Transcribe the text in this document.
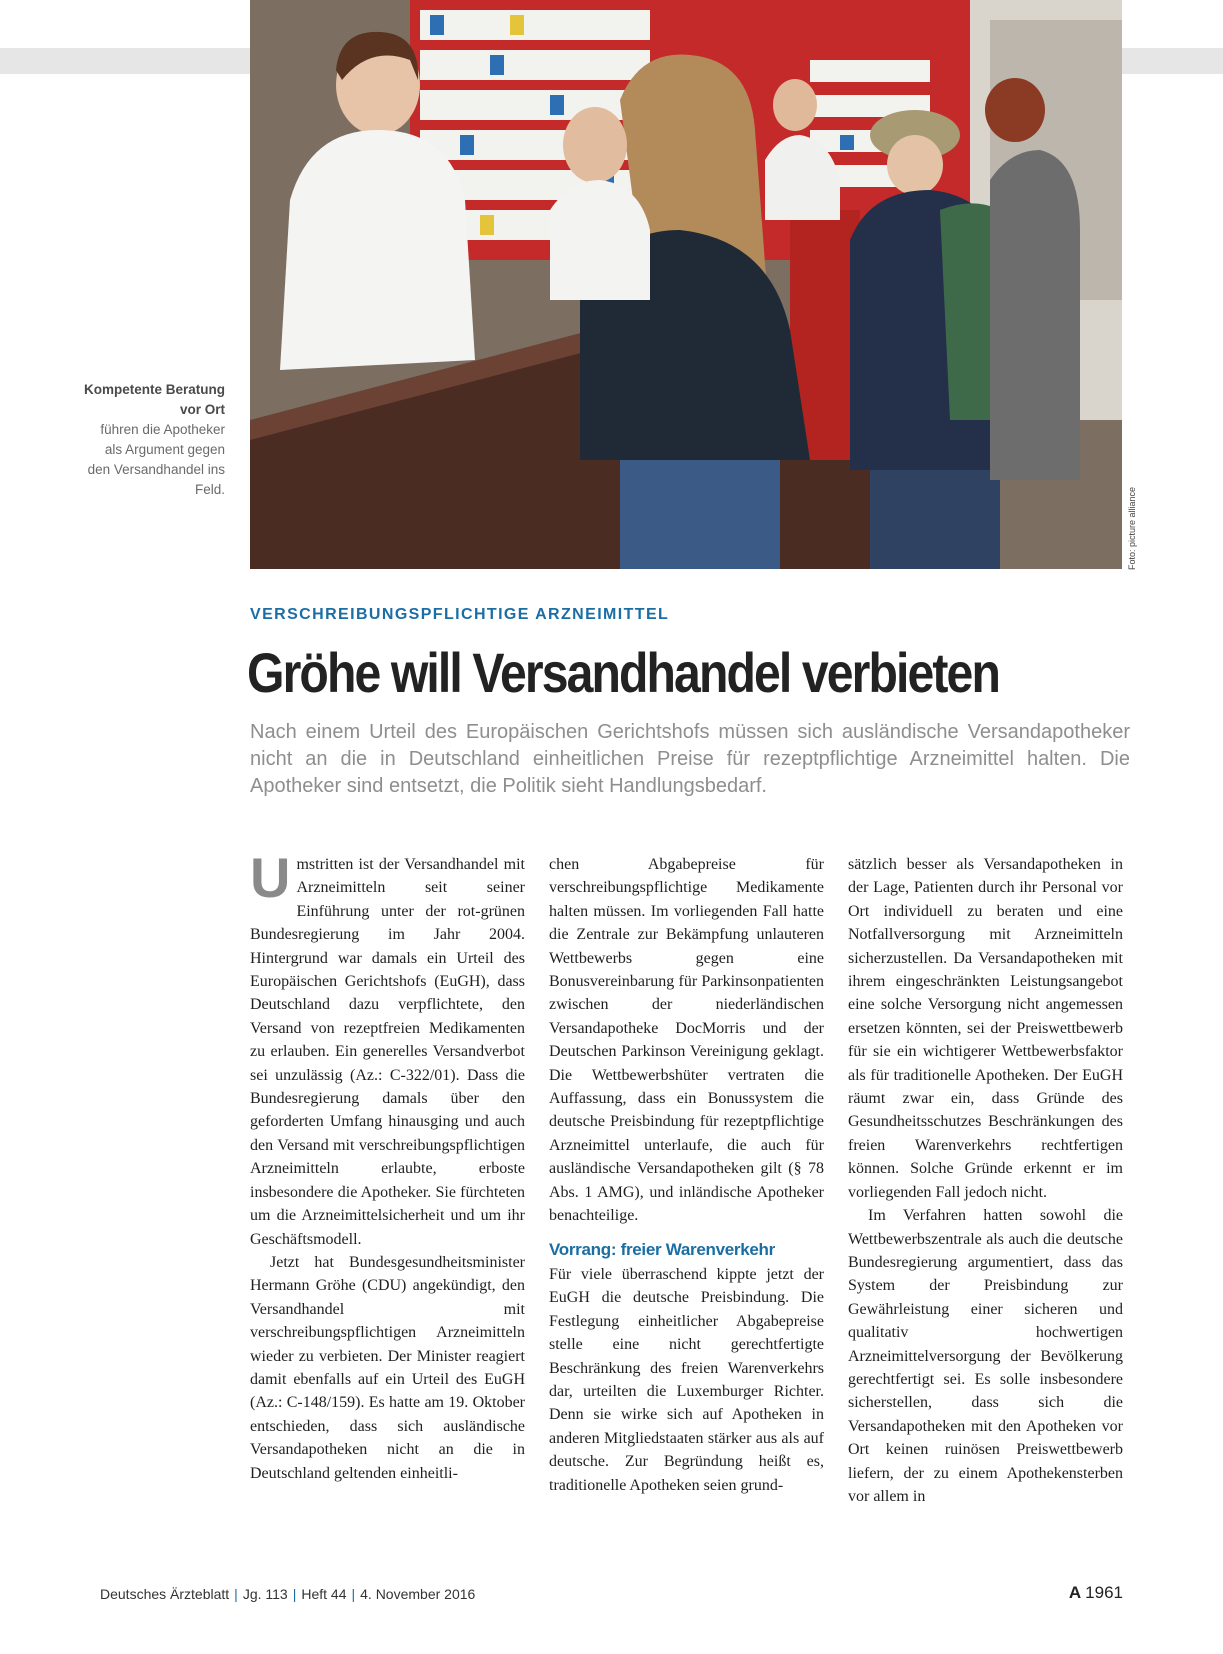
Foto: picture alliance
Kompetente Beratung vor Ort
führen die Apotheker als Argument gegen den Versandhandel ins Feld.
VERSCHREIBUNGSPFLICHTIGE ARZNEIMITTEL
Gröhe will Versandhandel verbieten
Nach einem Urteil des Europäischen Gerichtshofs müssen sich ausländische Versandapotheker nicht an die in Deutschland einheitlichen Preise für rezeptpflichtige Arzneimittel halten. Die Apotheker sind entsetzt, die Politik sieht Handlungsbedarf.

Umstritten ist der Versandhandel mit Arzneimitteln seit seiner Einführung unter der rot-grünen Bundesregierung im Jahr 2004. Hintergrund war damals ein Urteil des Europäischen Gerichtshofs (EuGH), dass Deutschland dazu verpflichtete, den Versand von rezeptfreien Medikamenten zu erlauben. Ein generelles Versandverbot sei unzulässig (Az.: C-322/01). Dass die Bundesregierung damals über den geforderten Umfang hinausging und auch den Versand mit verschreibungspflichtigen Arzneimitteln erlaubte, erboste insbesondere die Apotheker. Sie fürchteten um die Arzneimittelsicherheit und um ihr Geschäftsmodell.

Jetzt hat Bundesgesundheitsminister Hermann Gröhe (CDU) angekündigt, den Versandhandel mit verschreibungspflichtigen Arzneimitteln wieder zu verbieten. Der Minister reagiert damit ebenfalls auf ein Urteil des EuGH (Az.: C-148/159). Es hatte am 19. Oktober entschieden, dass sich ausländische Versandapotheken nicht an die in Deutschland geltenden einheitli-

chen Abgabepreise für verschreibungspflichtige Medikamente halten müssen. Im vorliegenden Fall hatte die Zentrale zur Bekämpfung unlauteren Wettbewerbs gegen eine Bonusvereinbarung für Parkinsonpatienten zwischen der niederländischen Versandapotheke DocMorris und der Deutschen Parkinson Vereinigung geklagt. Die Wettbewerbshüter vertraten die Auffassung, dass ein Bonussystem die deutsche Preisbindung für rezeptpflichtige Arzneimittel unterlaufe, die auch für ausländische Versandapotheken gilt (§ 78 Abs. 1 AMG), und inländische Apotheker benachteilige.

Vorrang: freier Warenverkehr

Für viele überraschend kippte jetzt der EuGH die deutsche Preisbindung. Die Festlegung einheitlicher Abgabepreise stelle eine nicht gerechtfertigte Beschränkung des freien Warenverkehrs dar, urteilten die Luxemburger Richter. Denn sie wirke sich auf Apotheken in anderen Mitgliedstaaten stärker aus als auf deutsche. Zur Begründung heißt es, traditionelle Apotheken seien grund-

sätzlich besser als Versandapotheken in der Lage, Patienten durch ihr Personal vor Ort individuell zu beraten und eine Notfallversorgung mit Arzneimitteln sicherzustellen. Da Versandapotheken mit ihrem eingeschränkten Leistungsangebot eine solche Versorgung nicht angemessen ersetzen könnten, sei der Preiswettbewerb für sie ein wichtigerer Wettbewerbsfaktor als für traditionelle Apotheken. Der EuGH räumt zwar ein, dass Gründe des Gesundheitsschutzes Beschränkungen des freien Warenverkehrs rechtfertigen können. Solche Gründe erkennt er im vorliegenden Fall jedoch nicht.

Im Verfahren hatten sowohl die Wettbewerbszentrale als auch die deutsche Bundesregierung argumentiert, dass das System der Preisbindung zur Gewährleistung einer sicheren und qualitativ hochwertigen Arzneimittelversorgung der Bevölkerung gerechtfertigt sei. Es solle insbesondere sicherstellen, dass sich die Versandapotheken mit den Apotheken vor Ort keinen ruinösen Preiswettbewerb liefern, der zu einem Apothekensterben vor allem in

Deutsches Ärzteblatt | Jg. 113 | Heft 44 | 4. November 2016	A 1961
